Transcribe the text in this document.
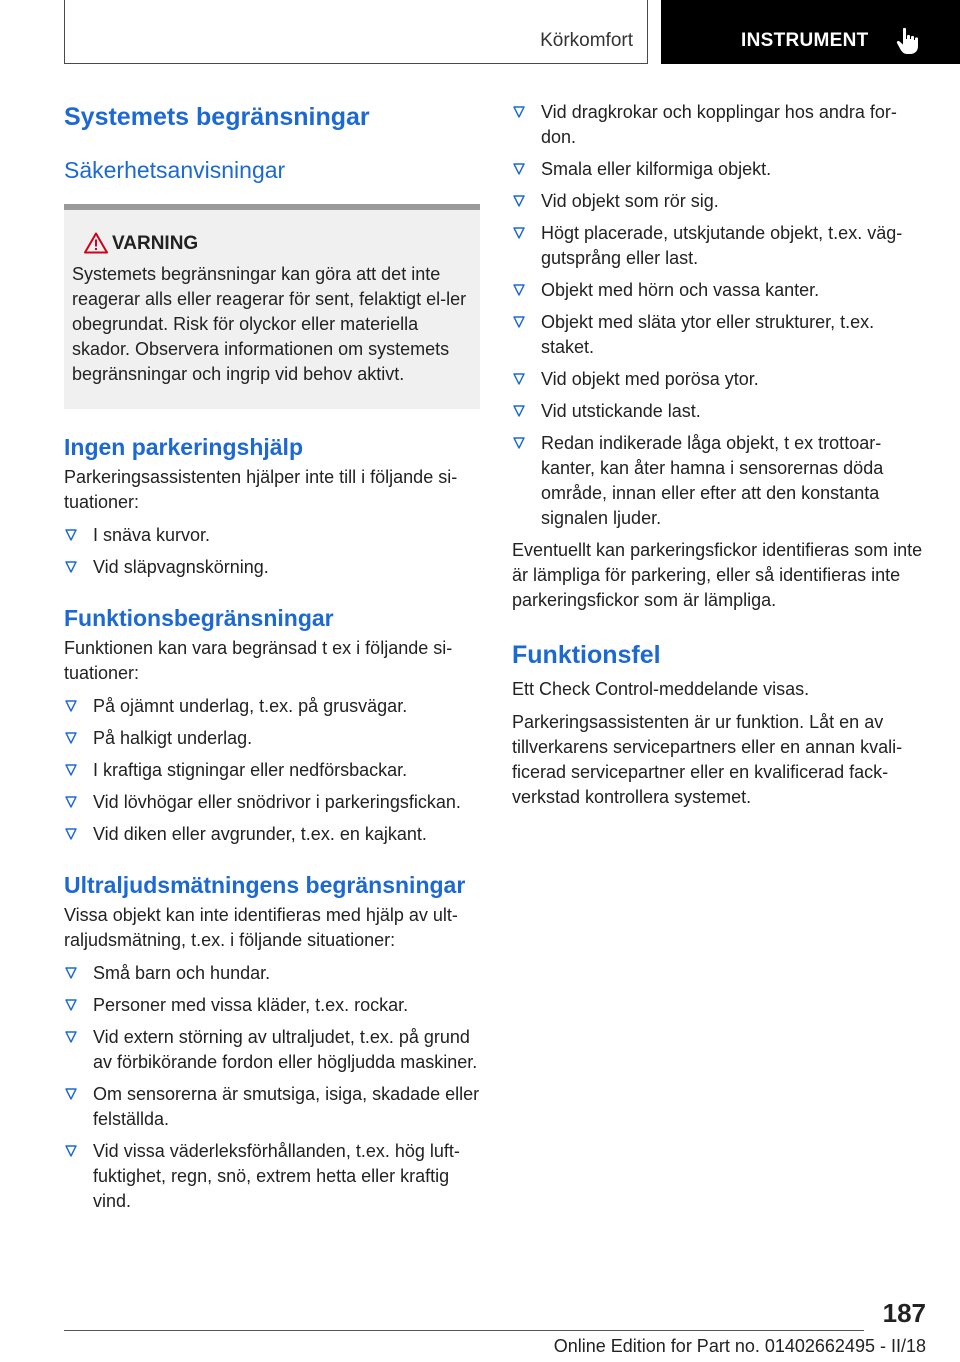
Körkomfort	INSTRUMENT
Systemets begränsningar
Säkerhetsanvisningar
VARNING

Systemets begränsningar kan göra att det inte reagerar alls eller reagerar för sent, felaktigt el-ler obegrundat. Risk för olyckor eller materiella skador. Observera informationen om systemets begränsningar och ingrip vid behov aktivt.

Ingen parkeringshjälp

Parkeringsassistenten hjälper inte till i följande si-tuationer:

I snäva kurvor.
Vid släpvagnskörning.
Funktionsbegränsningar

Funktionen kan vara begränsad t ex i följande si-tuationer:

På ojämnt underlag, t.ex. på grusvägar.
På halkigt underlag.
I kraftiga stigningar eller nedförsbackar.
Vid lövhögar eller snödrivor i parkeringsfickan.
Vid diken eller avgrunder, t.ex. en kajkant.
Ultraljudsmätningens begränsningar

Vissa objekt kan inte identifieras med hjälp av ult-raljudsmätning, t.ex. i följande situationer:

Små barn och hundar.
Personer med vissa kläder, t.ex. rockar.
Vid extern störning av ultraljudet, t.ex. på grund av förbikörande fordon eller högljudda maskiner.
Om sensorerna är smutsiga, isiga, skadade eller felställda.
Vid vissa väderleksförhållanden, t.ex. hög luft-fuktighet, regn, snö, extrem hetta eller kraftig vind.
Vid dragkrokar och kopplingar hos andra for-don.
Smala eller kilformiga objekt.
Vid objekt som rör sig.
Högt placerade, utskjutande objekt, t.ex. väg-gutsprång eller last.
Objekt med hörn och vassa kanter.
Objekt med släta ytor eller strukturer, t.ex. staket.
Vid objekt med porösa ytor.
Vid utstickande last.
Redan indikerade låga objekt, t ex trottoar-kanter, kan åter hamna i sensorernas döda område, innan eller efter att den konstanta signalen ljuder.

Eventuellt kan parkeringsfickor identifieras som inte är lämpliga för parkering, eller så identifieras inte parkeringsfickor som är lämpliga.

Funktionsfel

Ett Check Control-meddelande visas.

Parkeringsassistenten är ur funktion. Låt en av tillverkarens servicepartners eller en annan kvali-ficerad servicepartner eller en kvalificerad fack-verkstad kontrollera systemet.

187
Online Edition for Part no. 01402662495 - II/18
